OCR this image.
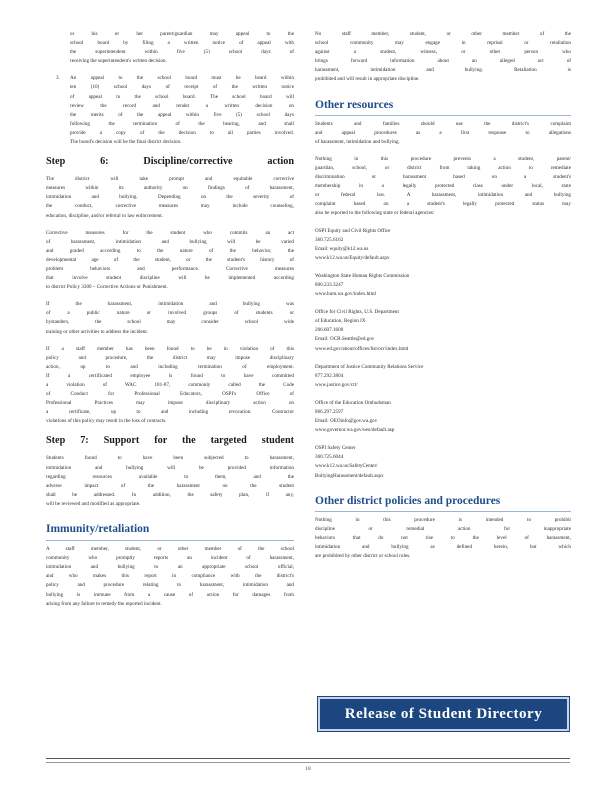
or his or her parent/guardian may appeal to the

school board by filing a written notice of appeal with

the superintendent within five (5) school days of

receiving the superintendent's written decision.

3.	An appeal to the school board must be heard within

ten (10) school days of receipt of the written notice

of appeal to the school board. The school board will

review the record and render a written decision on

the merits of the appeal within five (5) school days

following the termination of the hearing, and shall

provide a copy of the decision to all parties involved.

The board's decision will be the final district decision.

Step 6: Discipline/corrective action

The district will take prompt and equitable corrective

measures within its authority on findings of harassment,

intimidation and bullying. Depending on the severity of

the conduct, corrective measures may include counseling,

education, discipline, and/or referral to law enforcement.

Corrective measures for the student who commits an act

of harassment, intimidation and bullying will be varied

and graded according to the nature of the behavior, the

developmental age of the student, or the student's history of

problem behaviors and performance. Corrective measures

that involve student discipline will be implemented according

to district Policy 3300 – Corrective Actions or Punishment.

If the harassment, intimidation and bullying was

of a public nature or involved groups of students or

bystanders, the school may consider school wide

training or other activities to address the incident.

If a staff member has been found to be in violation of this

policy and procedure, the district may impose disciplinary

action, up to and including termination of employment.

If a certificated employee is found to have committed

a violation of WAC 181-87, commonly called the Code

of Conduct for Professional Educators, OSPI's Office of

Professional Practices may impose disciplinary action on

a certificate, up to and including revocation. Contractor

violations of this policy may result in the loss of contracts.

Step 7: Support for the targeted student

Students found to have been subjected to harassment,

intimidation and bullying will be provided information

regarding resources available to them, and the

adverse impact of the harassment on the student

shall be addressed. In addition, the safety plan, if any,

will be reviewed and modified as appropriate.

Immunity/retaliation

A staff member, student, or other member of the school

community who promptly reports an incident of harassment,

intimidation and bullying to an appropriate school official,

and who makes this report in compliance with the district's

policy and procedure relating to harassment, intimidation and

bullying is immune from a cause of action for damages from

arising from any failure to remedy the reported incident.

No staff member, student, or other member of the

school community may engage in reprisal or retaliation

against a student, witness, or other person who

brings forward information about an alleged act of

harassment, intimidation and bullying. Retaliation is

prohibited and will result in appropriate discipline.

Other resources

Students and families should use the district's complaint

and appeal procedures as a first response to allegations

of harassment, intimidation and bullying.

Nothing in this procedure prevents a student, parent/

guardian, school, or district from taking action to remediate

discrimination or harassment based on a student's

membership in a legally protected class under local, state

or federal law. A harassment, intimidation and bullying

complaint based on a student's legally protected status may

also be reported to the following state or federal agencies:

OSPI Equity and Civil Rights Office

360.725.6162

Email: equity@k12.wa.us

www.k12.wa.us/Equity/default.aspx

Washington State Human Rights Commission

800.233.3247

www.hum.wa.gov/index.html

Office for Civil Rights, U.S. Department

of Education, Region IX

206.607.1600

Email: OCR.Seattle@ed.gov

www.ed.gov/about/offices/list/ocr/index.html

Department of Justice Community Relations Service

877.292.3804

www.justice.gov/crt/

Office of the Education Ombudsman

866.297.2597

Email: OEOinfo@gov.wa.gov

www.governor.wa.gov/oeo/default.asp

OSPI Safety Center

360.725.6044

www.k12.wa.us/SafetyCenter/

BullyingHarassment/default.aspx

Other district policies and procedures

Nothing in this procedure is intended to prohibit

discipline or remedial action for inappropriate

behaviors that do not rise to the level of harassment,

intimidation and bullying as defined herein, but which

are prohibited by other district or school rules.

Release of Student Directory
18
